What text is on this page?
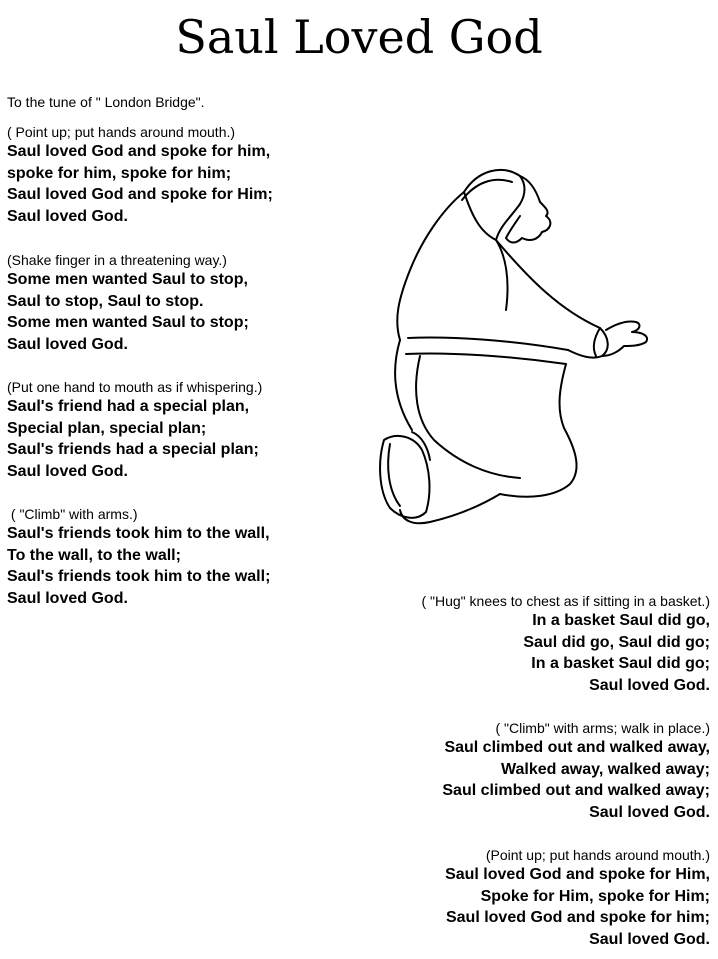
Saul Loved God
To the tune of " London Bridge".
( Point up; put hands around mouth.)
Saul loved God and spoke for him,
spoke for him, spoke for him;
Saul loved God and spoke for Him;
Saul loved God.
(Shake finger in a threatening way.)
Some men wanted Saul to stop,
Saul to stop, Saul to stop.
Some men wanted Saul to stop;
Saul loved God.
(Put one hand to mouth as if whispering.)
Saul's friend had a special plan,
Special plan, special plan;
Saul's friends had a special plan;
Saul loved God.
( "Climb" with arms.)
Saul's friends took him to the wall,
To the wall, to the wall;
Saul's friends took him to the wall;
Saul loved God.	( "Hug" knees to chest as if sitting in a basket.)
In a basket Saul did go,
Saul did go, Saul did go;
In a basket Saul did go;
Saul loved God.
( "Climb" with arms; walk in place.)
Saul climbed out and walked away,
Walked away, walked away;
Saul climbed out and walked away;
Saul loved God.
(Point up; put hands around mouth.)
Saul loved God and spoke for Him,
Spoke for Him, spoke for Him;
Saul loved God and spoke for him;
Saul loved God.
